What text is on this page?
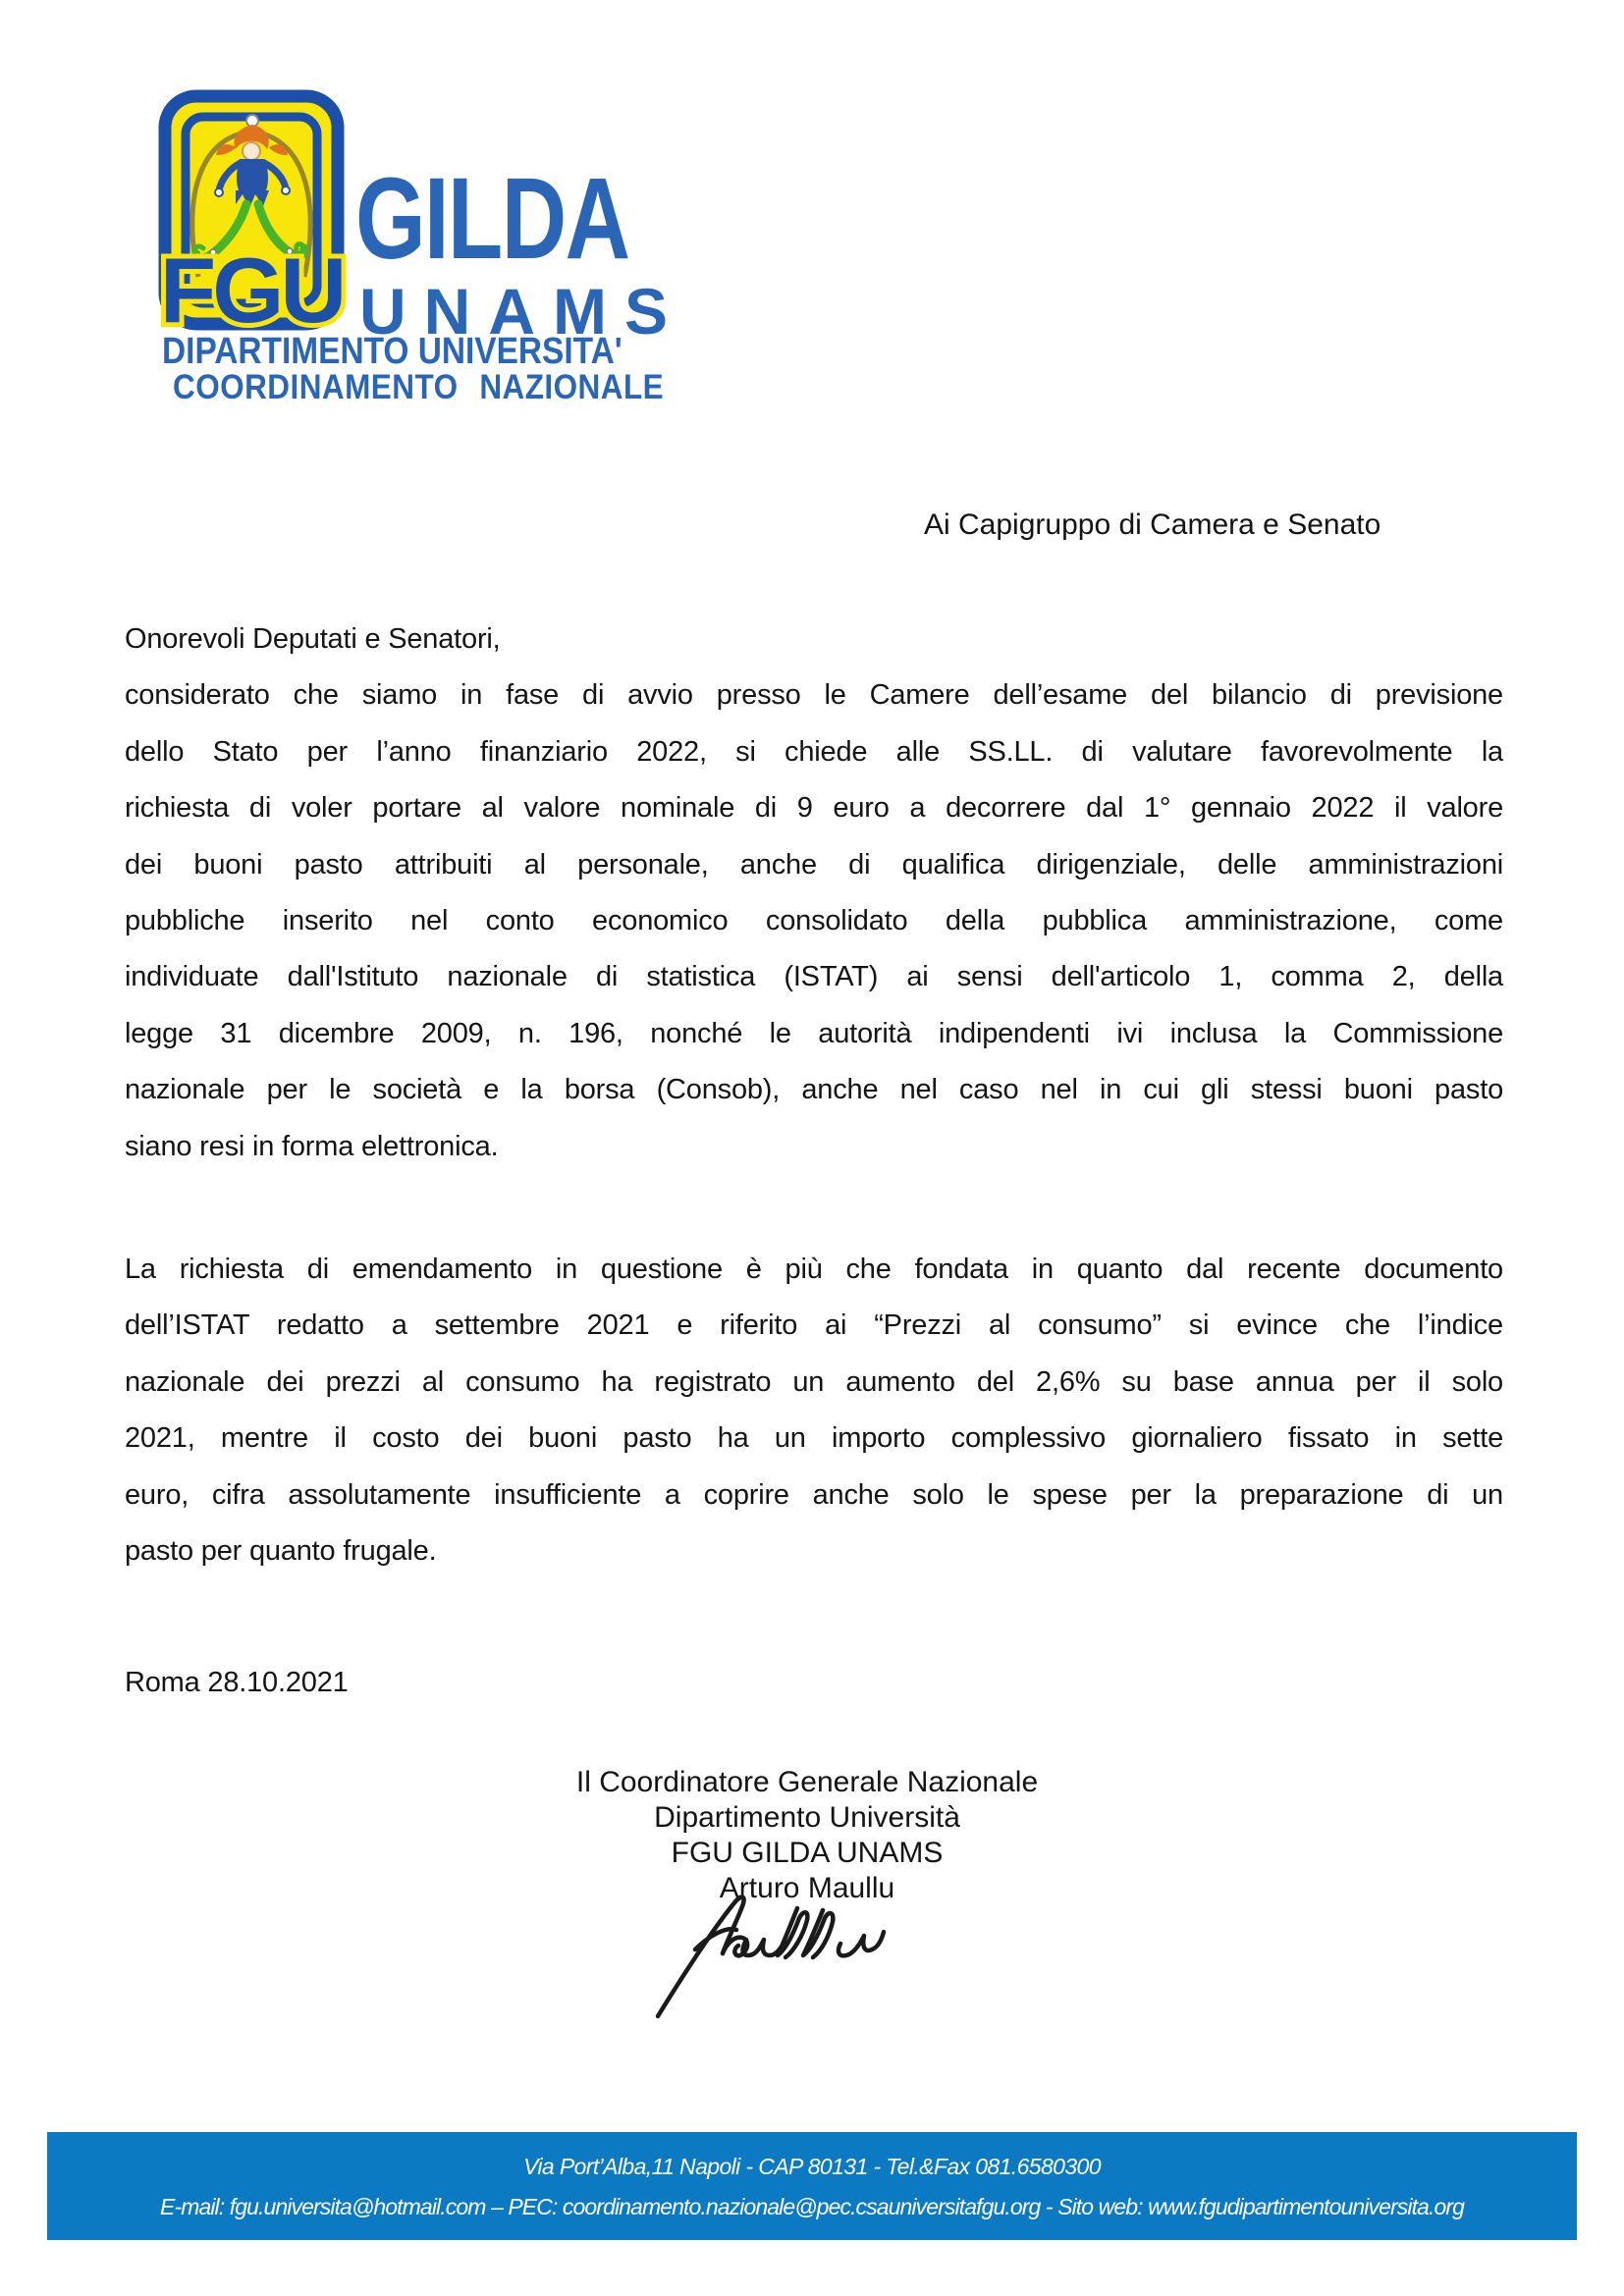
FGU
GILDA
UNAMS
DIPARTIMENTO UNIVERSITA'
COORDINAMENTO NAZIONALE
Ai Capigruppo di Camera e Senato
Onorevoli Deputati e Senatori,
considerato che siamo in fase di avvio presso le Camere dell’esame del bilancio di previsione
dello Stato per l’anno finanziario 2022, si chiede alle SS.LL. di valutare favorevolmente la
richiesta di voler portare al valore nominale di 9 euro a decorrere dal 1° gennaio 2022 il valore
dei buoni pasto attribuiti al personale, anche di qualifica dirigenziale, delle amministrazioni
pubbliche inserito nel conto economico consolidato della pubblica amministrazione, come
individuate dall'Istituto nazionale di statistica (ISTAT) ai sensi dell'articolo 1, comma 2, della
legge 31 dicembre 2009, n. 196, nonché le autorità indipendenti ivi inclusa la Commissione
nazionale per le società e la borsa (Consob), anche nel caso nel in cui gli stessi buoni pasto
siano resi in forma elettronica.
La richiesta di emendamento in questione è più che fondata in quanto dal recente documento
dell’ISTAT redatto a settembre 2021 e riferito ai “Prezzi al consumo” si evince che l’indice
nazionale dei prezzi al consumo ha registrato un aumento del 2,6% su base annua per il solo
2021, mentre il costo dei buoni pasto ha un importo complessivo giornaliero fissato in sette
euro, cifra assolutamente insufficiente a coprire anche solo le spese per la preparazione di un
pasto per quanto frugale.
Roma 28.10.2021
Il Coordinatore Generale Nazionale
Dipartimento Università
FGU GILDA UNAMS
Arturo Maullu
Via Port’Alba,11 Napoli - CAP 80131 - Tel.&Fax 081.6580300
E-mail: fgu.universita@hotmail.com – PEC: coordinamento.nazionale@pec.csauniversitafgu.org - Sito web: www.fgudipartimentouniversita.org
